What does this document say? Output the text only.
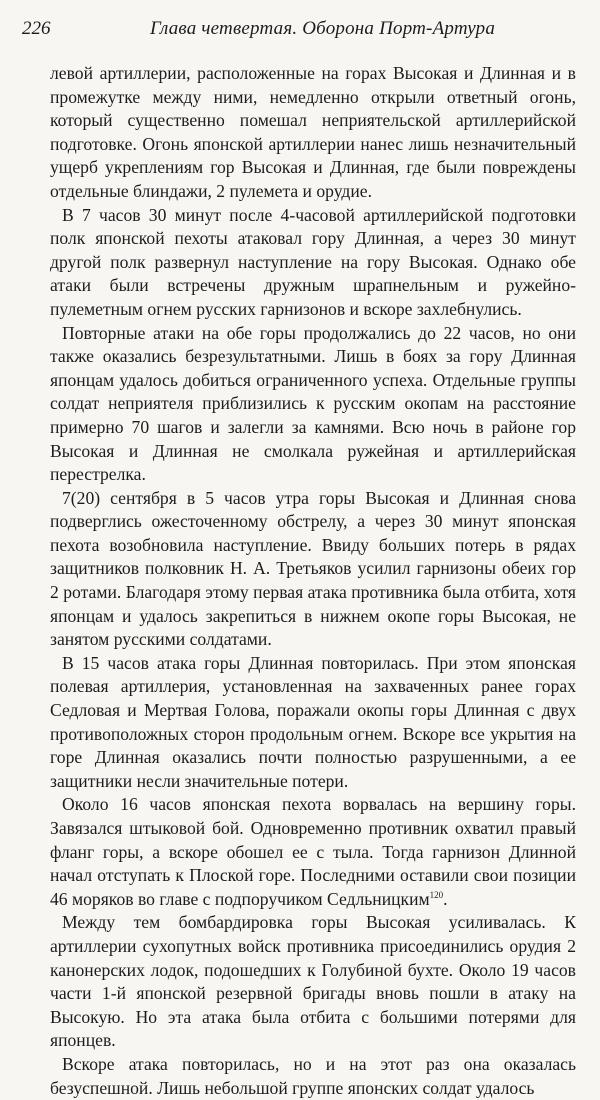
226	Глава четвертая. Оборона Порт-Артура

левой артиллерии, расположенные на горах Высокая и Длинная и в промежутке между ними, немедленно открыли ответный огонь, который существенно помешал неприятельской артиллерийской подготовке. Огонь японской артиллерии нанес лишь незначительный ущерб укреплениям гор Высокая и Длинная, где были повреждены отдельные блиндажи, 2 пулемета и орудие.

В 7 часов 30 минут после 4-часовой артиллерийской подготовки полк японской пехоты атаковал гору Длинная, а через 30 минут другой полк развернул наступление на гору Высокая. Однако обе атаки были встречены дружным шрапнельным и ружейно-пулеметным огнем русских гарнизонов и вскоре захлебнулись.

Повторные атаки на обе горы продолжались до 22 часов, но они также оказались безрезультатными. Лишь в боях за гору Длинная японцам удалось добиться ограниченного успеха. Отдельные группы солдат неприятеля приблизились к русским окопам на расстояние примерно 70 шагов и залегли за камнями. Всю ночь в районе гор Высокая и Длинная не смолкала ружейная и артиллерийская перестрелка.

7(20) сентября в 5 часов утра горы Высокая и Длинная снова подверглись ожесточенному обстрелу, а через 30 минут японская пехота возобновила наступление. Ввиду больших потерь в рядах защитников полковник Н. А. Третьяков усилил гарнизоны обеих гор 2 ротами. Благодаря этому первая атака противника была отбита, хотя японцам и удалось закрепиться в нижнем окопе горы Высокая, не занятом русскими солдатами.

В 15 часов атака горы Длинная повторилась. При этом японская полевая артиллерия, установленная на захваченных ранее горах Седловая и Мертвая Голова, поражали окопы горы Длинная с двух противоположных сторон продольным огнем. Вскоре все укрытия на горе Длинная оказались почти полностью разрушенными, а ее защитники несли значительные потери.

Около 16 часов японская пехота ворвалась на вершину горы. Завязался штыковой бой. Одновременно противник охватил правый фланг горы, а вскоре обошел ее с тыла. Тогда гарнизон Длинной начал отступать к Плоской горе. Последними оставили свои позиции 46 моряков во главе с подпоручиком Седльницким$^{120}$.

Между тем бомбардировка горы Высокая усиливалась. К артиллерии сухопутных войск противника присоединились орудия 2 канонерских лодок, подошедших к Голубиной бухте. Около 19 часов части 1-й японской резервной бригады вновь пошли в атаку на Высокую. Но эта атака была отбита с большими потерями для японцев.

Вскоре атака повторилась, но и на этот раз она оказалась безуспешной. Лишь небольшой группе японских солдат удалось
